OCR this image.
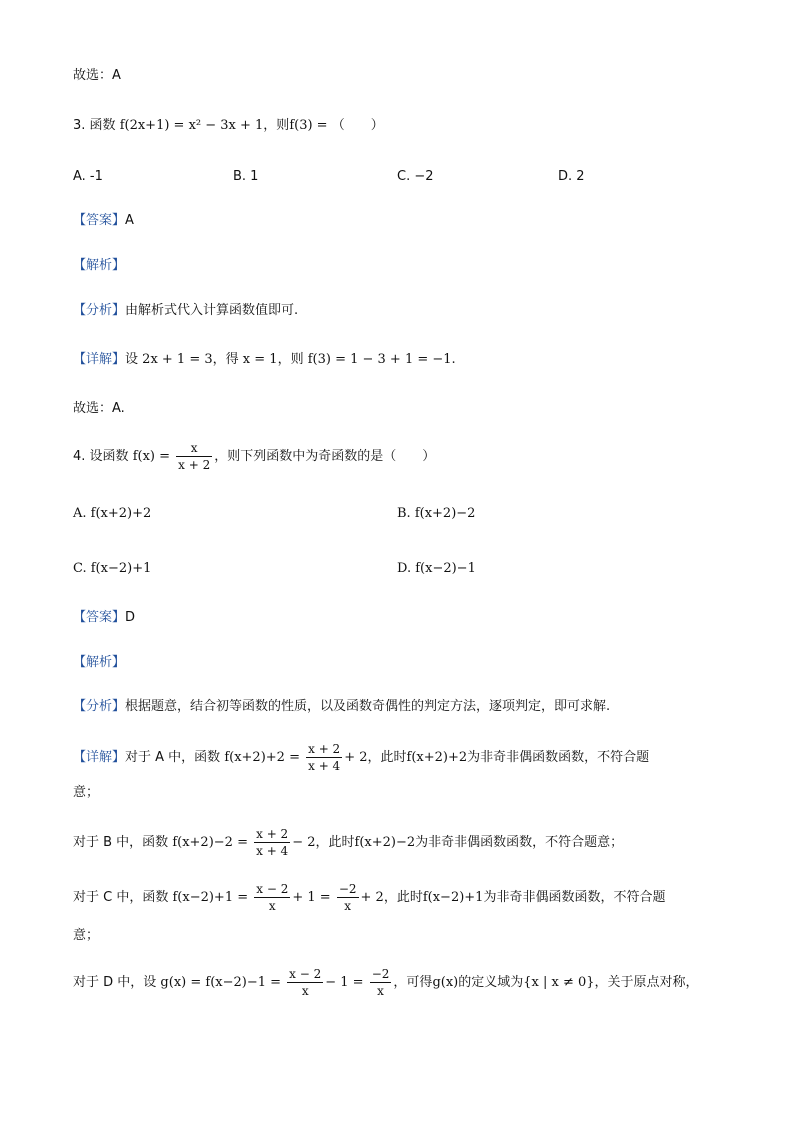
故选：A
3. 函数 f(2x+1) = x² − 3x + 1，则f(3) = （　　）
A. -1	B. 1	C. −2	D. 2
【答案】A
【解析】
【分析】由解析式代入计算函数值即可.
【详解】设 2x + 1 = 3，得 x = 1，则 f(3) = 1 − 3 + 1 = −1.
故选：A.
4. 设函数 $f(x) = \frac{x}{x + 2}$ ，则下列函数中为奇函数的是（　　）
A. f(x+2)+2	B. f(x+2)−2
C. f(x−2)+1	D. f(x−2)−1
【答案】D
【解析】
【分析】根据题意，结合初等函数的性质，以及函数奇偶性的判定方法，逐项判定，即可求解.
【详解】对于 A 中，函数 $f(x+2)+2 = \frac{x + 2}{x + 4} + 2$，此时f(x+2)+2为非奇非偶函数函数，不符合题
意；
对于 B 中，函数 $f(x+2)-2 = \frac{x + 2}{x + 4} - 2$，此时f(x+2)−2为非奇非偶函数函数，不符合题意；
对于 C 中，函数 $f(x-2)+1 = \frac{x - 2}{x} + 1 = \frac{-2}{x} + 2$，此时f(x−2)+1为非奇非偶函数函数，不符合题
意；
对于 D 中，设 $g(x) = f(x-2)-1 = \frac{x - 2}{x} - 1 = \frac{-2}{x}$ ，可得g(x)的定义域为{x | x ≠ 0}，关于原点对称，
